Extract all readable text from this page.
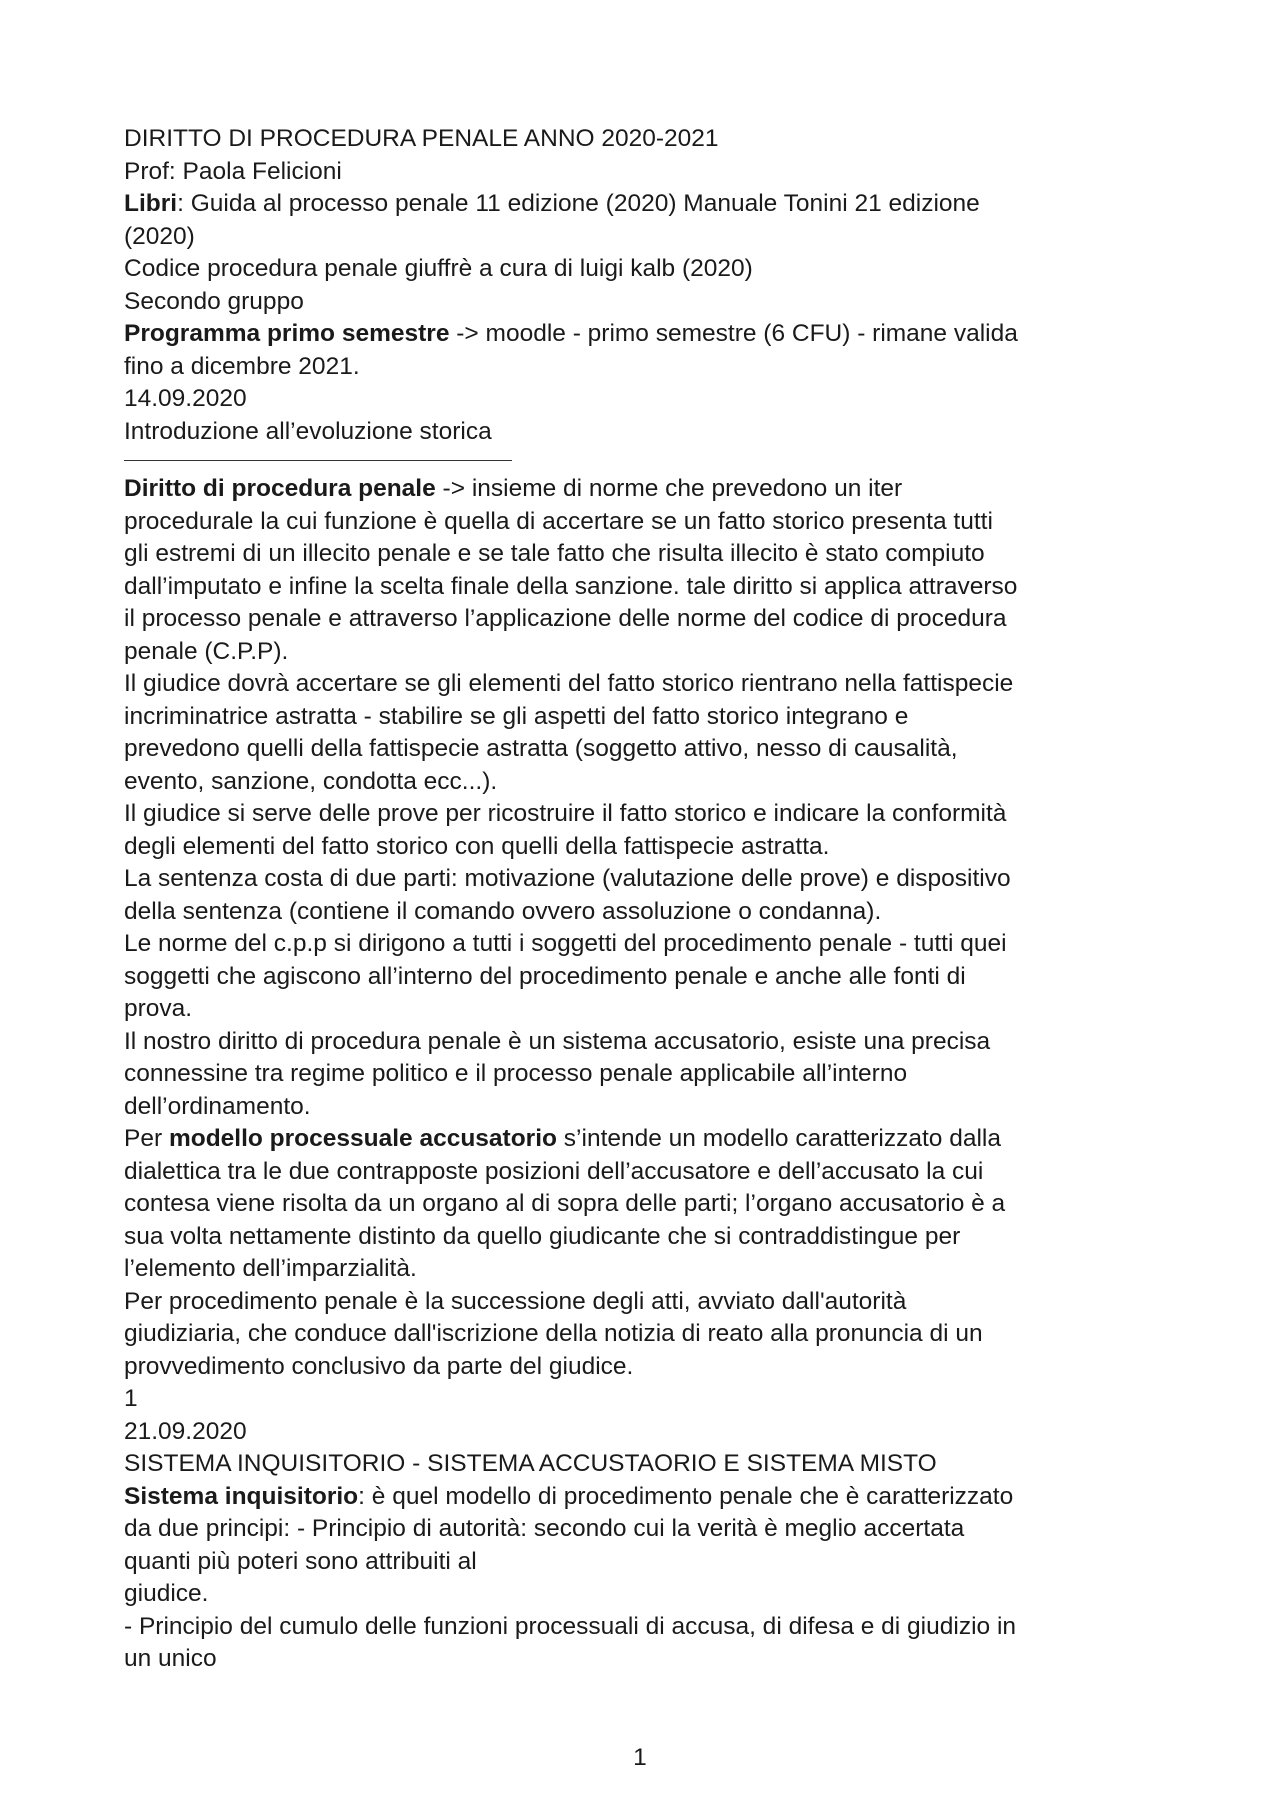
DIRITTO DI PROCEDURA PENALE ANNO 2020-2021
Prof: Paola Felicioni
Libri: Guida al processo penale 11 edizione (2020) Manuale Tonini 21 edizione
(2020)
Codice procedura penale giuffrè a cura di luigi kalb (2020)
Secondo gruppo
Programma primo semestre -> moodle - primo semestre (6 CFU) - rimane valida
fino a dicembre 2021.
14.09.2020
Introduzione all’evoluzione storica
Diritto di procedura penale -> insieme di norme che prevedono un iter
procedurale la cui funzione è quella di accertare se un fatto storico presenta tutti
gli estremi di un illecito penale e se tale fatto che risulta illecito è stato compiuto
dall’imputato e infine la scelta finale della sanzione. tale diritto si applica attraverso
il processo penale e attraverso l’applicazione delle norme del codice di procedura
penale (C.P.P).
Il giudice dovrà accertare se gli elementi del fatto storico rientrano nella fattispecie
incriminatrice astratta - stabilire se gli aspetti del fatto storico integrano e
prevedono quelli della fattispecie astratta (soggetto attivo, nesso di causalità,
evento, sanzione, condotta ecc...).
Il giudice si serve delle prove per ricostruire il fatto storico e indicare la conformità
degli elementi del fatto storico con quelli della fattispecie astratta.
La sentenza costa di due parti: motivazione (valutazione delle prove) e dispositivo
della sentenza (contiene il comando ovvero assoluzione o condanna).
Le norme del c.p.p si dirigono a tutti i soggetti del procedimento penale - tutti quei
soggetti che agiscono all’interno del procedimento penale e anche alle fonti di
prova.
Il nostro diritto di procedura penale è un sistema accusatorio, esiste una precisa
connessine tra regime politico e il processo penale applicabile all’interno
dell’ordinamento.
Per modello processuale accusatorio s’intende un modello caratterizzato dalla
dialettica tra le due contrapposte posizioni dell’accusatore e dell’accusato la cui
contesa viene risolta da un organo al di sopra delle parti; l’organo accusatorio è a
sua volta nettamente distinto da quello giudicante che si contraddistingue per
l’elemento dell’imparzialità.
Per procedimento penale è la successione degli atti, avviato dall'autorità
giudiziaria, che conduce dall'iscrizione della notizia di reato alla pronuncia di un
provvedimento conclusivo da parte del giudice.
1
21.09.2020
SISTEMA INQUISITORIO - SISTEMA ACCUSTAORIO E SISTEMA MISTO
Sistema inquisitorio: è quel modello di procedimento penale che è caratterizzato
da due principi: - Principio di autorità: secondo cui la verità è meglio accertata
quanti più poteri sono attribuiti al
giudice.
- Principio del cumulo delle funzioni processuali di accusa, di difesa e di giudizio in
un unico
1
